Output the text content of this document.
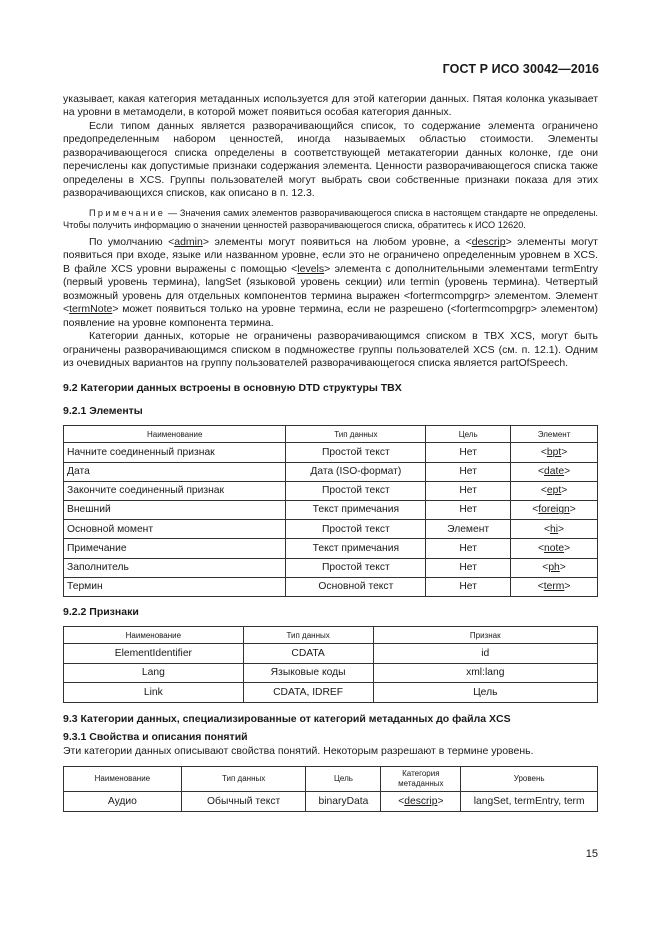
ГОСТ Р ИСО 30042—2016

указывает, какая категория метаданных используется для этой категории данных. Пятая колонка указывает на уровни в метамодели, в которой может появиться особая категория данных.

Если типом данных является разворачивающийся список, то содержание элемента ограничено предопределенным набором ценностей, иногда называемых областью стоимости. Элементы разворачивающегося списка определены в соответствующей метакатегории данных колонке, где они перечислены как допустимые признаки содержания элемента. Ценности разворачивающегося списка также определены в XCS. Группы пользователей могут выбрать свои собственные признаки показа для этих разворачивающихся списков, как описано в п. 12.3.

Примечание — Значения самих элементов разворачивающегося списка в настоящем стандарте не определены. Чтобы получить информацию о значении ценностей разворачивающегося списка, обратитесь к ИСО 12620.

По умолчанию <admin> элементы могут появиться на любом уровне, а <descrip> элементы могут появиться при входе, языке или названном уровне, если это не ограничено определенным уровнем в XCS. В файле XCS уровни выражены с помощью <levels> элемента с дополнительными элементами termEntry (первый уровень термина), langSet (языковой уровень секции) или termin (уровень термина). Четвертый возможный уровень для отдельных компонентов термина выражен <fortermcompgrp> элементом. Элемент <termNote> может появиться только на уровне термина, если не разрешено (<fortermcompgrp> элементом) появление на уровне компонента термина.

Категории данных, которые не ограничены разворачивающимся списком в TBX XCS, могут быть ограничены разворачивающимся списком в подмножестве группы пользователей XCS (см. п. 12.1). Одним из очевидных вариантов на группу пользователей разворачивающегося списка является partOfSpeech.

9.2 Категории данных встроены в основную DTD структуры TBX
9.2.1 Элементы
Наименование	Тип данных	Цель	Элемент
Начните соединенный признак	Простой текст	Нет	<bpt>
Дата	Дата (ISO-формат)	Нет	<date>
Закончите соединенный признак	Простой текст	Нет	<ept>
Внешний	Текст примечания	Нет	<foreign>
Основной момент	Простой текст	Элемент	<hi>
Примечание	Текст примечания	Нет	<note>
Заполнитель	Простой текст	Нет	<ph>
Термин	Основной текст	Нет	<term>
9.2.2 Признаки
Наименование	Тип данных	Признак
ElementIdentifier	CDATA	id
Lang	Языковые коды	xml:lang
Link	CDATA, IDREF	Цель
9.3 Категории данных, специализированные от категорий метаданных до файла XCS
9.3.1 Свойства и описания понятий

Эти категории данных описывают свойства понятий. Некоторым разрешают в термине уровень.

Наименование	Тип данных	Цель	Категория метаданных	Уровень
Аудио	Обычный текст	binaryData	<descrip>	langSet, termEntry, term
15
